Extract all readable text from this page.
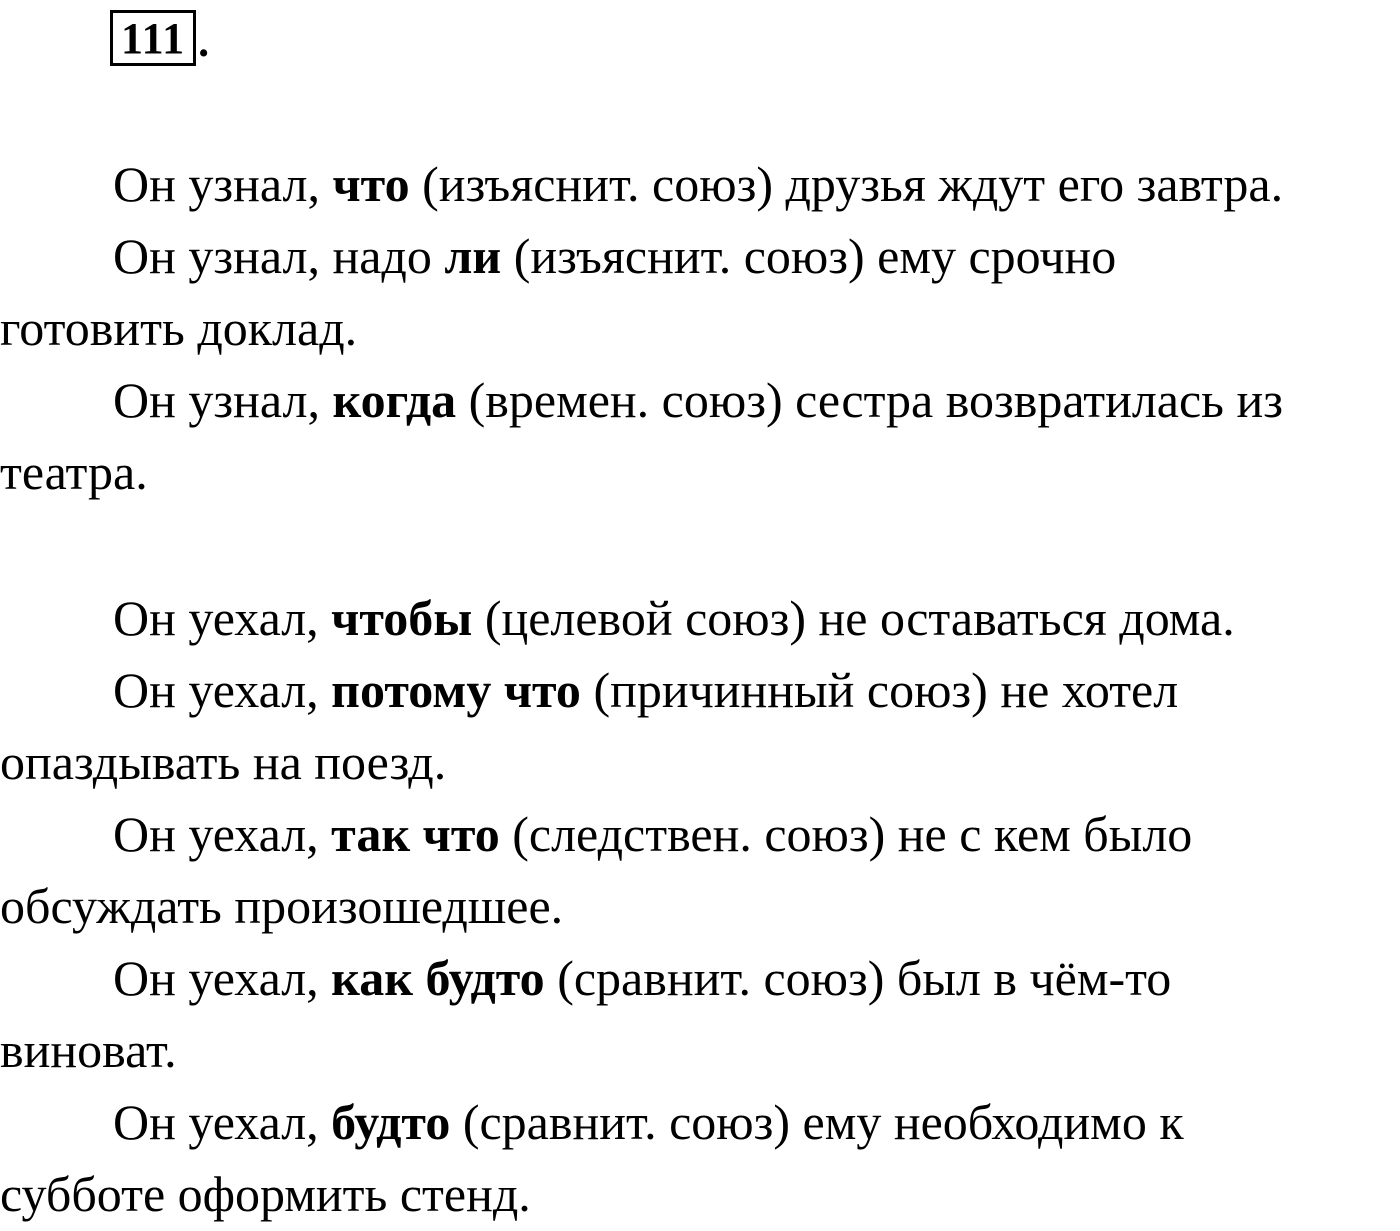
111 .
Он узнал, что (изъяснит. союз) друзья ждут его завтра.
Он узнал, надо ли (изъяснит. союз) ему срочно
готовить доклад.
Он узнал, когда (времен. союз) сестра возвратилась из
театра.
Он уехал, чтобы (целевой союз) не оставаться дома.
Он уехал, потому что (причинный союз) не хотел
опаздывать на поезд.
Он уехал, так что (следствен. союз) не с кем было
обсуждать произошедшее.
Он уехал, как будто (сравнит. союз) был в чём-то
виноват.
Он уехал, будто (сравнит. союз) ему необходимо к
субботе оформить стенд.
